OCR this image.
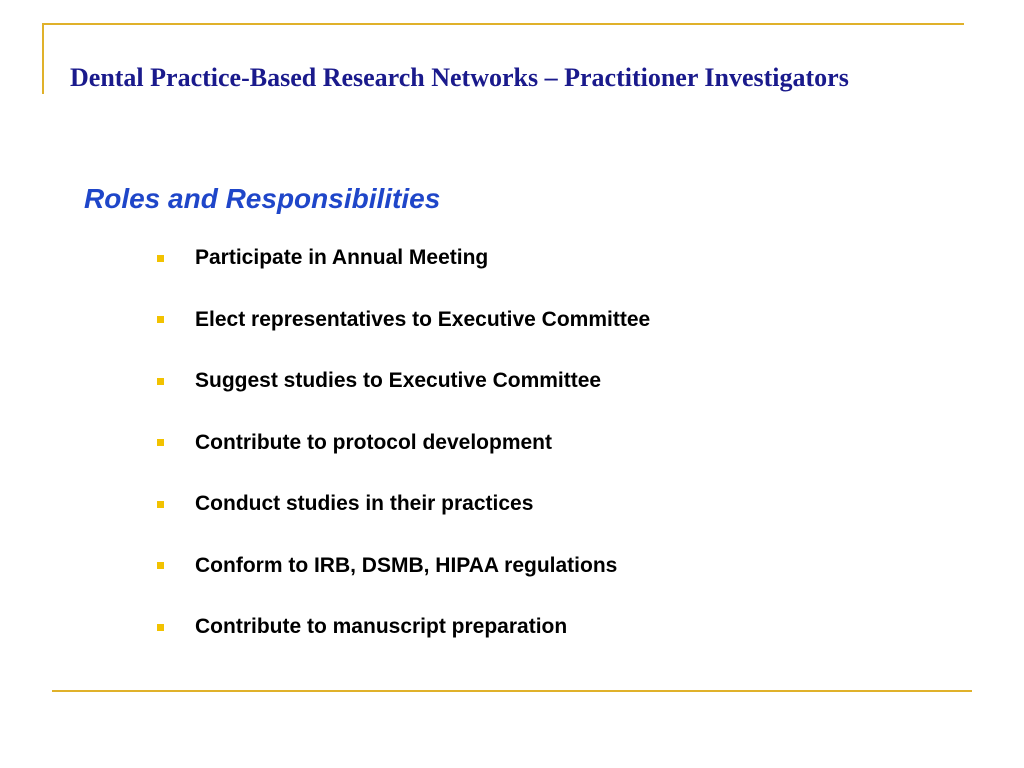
Dental Practice-Based Research Networks – Practitioner Investigators
Roles and Responsibilities
Participate in Annual Meeting
Elect representatives to Executive Committee
Suggest studies to Executive Committee
Contribute to protocol development
Conduct studies in their practices
Conform to IRB, DSMB, HIPAA regulations
Contribute to manuscript preparation
